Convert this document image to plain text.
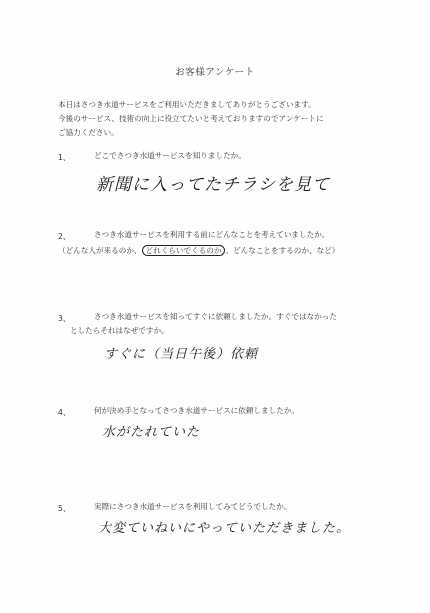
お客様アンケート
本日はさつき水道サービスをご利用いただきましてありがとうございます。
今後のサービス、技術の向上に役立てたいと考えておりますのでアンケートに
ご協力ください。
1、	どこでさつき水道サービスを知りましたか。
新聞に入ってたチラシを見て
2、	さつき水道サービスを利用する前にどんなことを考えていましたか。
（どんな人が来るのか、 どれくらいでくるのか 、どんなことをするのか、など）
3、	さつき水道サービスを知ってすぐに依頼しましたか。すぐではなかった
としたらそれはなぜですか。
すぐに（当日午後）依頼
4、	何が決め手となってさつき水道サービスに依頼しましたか。
水がたれていた
5、	実際にさつき水道サービスを利用してみてどうでしたか。
大変ていねいにやっていただきました。
